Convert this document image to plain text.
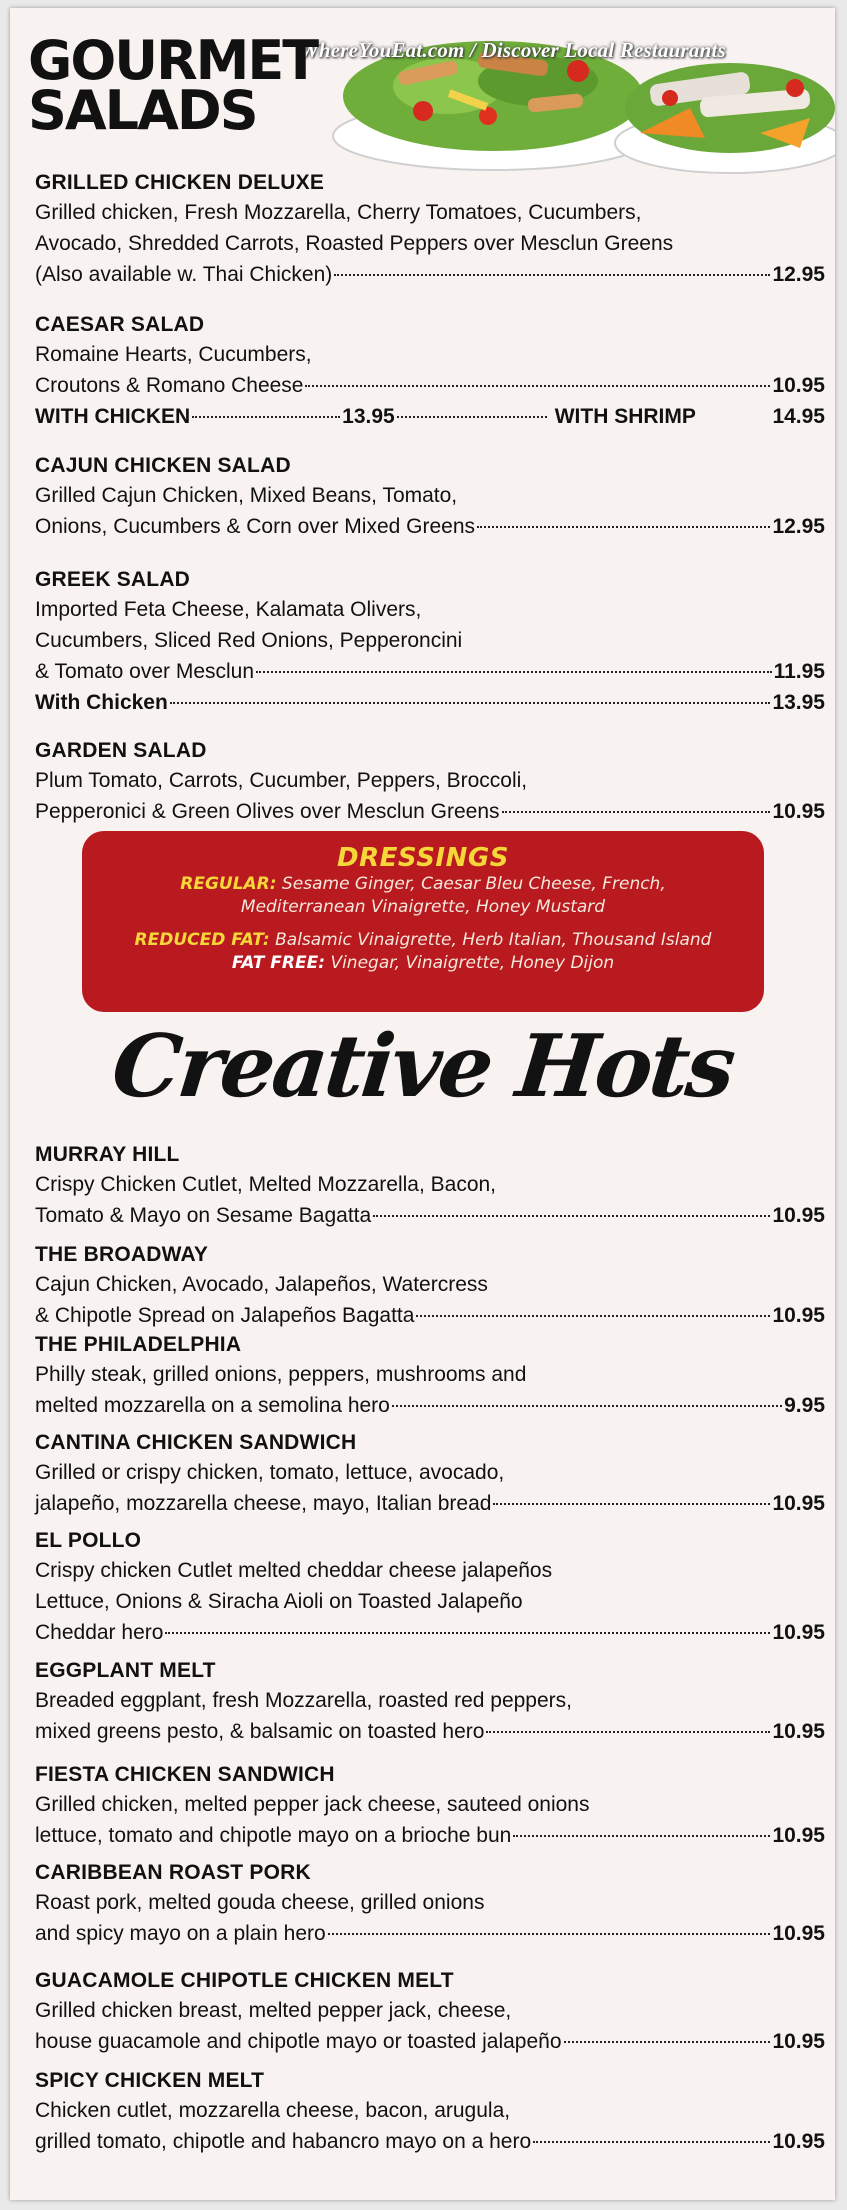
WhereYouEat.com / Discover Local Restaurants
GOURMET
SALADS
GRILLED CHICKEN DELUXE
Grilled chicken, Fresh Mozzarella, Cherry Tomatoes, Cucumbers,
Avocado, Shredded Carrots, Roasted Peppers over Mesclun Greens
(Also available w. Thai Chicken)	12.95
CAESAR SALAD
Romaine Hearts, Cucumbers,
Croutons & Romano Cheese	10.95
WITH CHICKEN	13.95	WITH SHRIMP	14.95
CAJUN CHICKEN SALAD
Grilled Cajun Chicken, Mixed Beans, Tomato,
Onions, Cucumbers & Corn over Mixed Greens	12.95
GREEK SALAD
Imported Feta Cheese, Kalamata Olivers,
Cucumbers, Sliced Red Onions, Pepperoncini
& Tomato over Mesclun	11.95
With Chicken	13.95
GARDEN SALAD
Plum Tomato, Carrots, Cucumber, Peppers, Broccoli,
Pepperonici & Green Olives over Mesclun Greens	10.95
DRESSINGS
REGULAR: Sesame Ginger, Caesar Bleu Cheese, French,
Mediterranean Vinaigrette, Honey Mustard
REDUCED FAT: Balsamic Vinaigrette, Herb Italian, Thousand Island
FAT FREE: Vinegar, Vinaigrette, Honey Dijon
Creative Hots
MURRAY HILL
Crispy Chicken Cutlet, Melted Mozzarella, Bacon,
Tomato & Mayo on Sesame Bagatta	10.95
THE BROADWAY
Cajun Chicken, Avocado, Jalapeños, Watercress
& Chipotle Spread on Jalapeños Bagatta	10.95
THE PHILADELPHIA
Philly steak, grilled onions, peppers, mushrooms and
melted mozzarella on a semolina hero	9.95
CANTINA CHICKEN SANDWICH
Grilled or crispy chicken, tomato, lettuce, avocado,
jalapeño, mozzarella cheese, mayo, Italian bread	10.95
EL POLLO
Crispy chicken Cutlet melted cheddar cheese jalapeños
Lettuce, Onions & Siracha Aioli on Toasted Jalapeño
Cheddar hero	10.95
EGGPLANT MELT
Breaded eggplant, fresh Mozzarella, roasted red peppers,
mixed greens pesto, & balsamic on toasted hero	10.95
FIESTA CHICKEN SANDWICH
Grilled chicken, melted pepper jack cheese, sauteed onions
lettuce, tomato and chipotle mayo on a brioche bun	10.95
CARIBBEAN ROAST PORK
Roast pork, melted gouda cheese, grilled onions
and spicy mayo on a plain hero	10.95
GUACAMOLE CHIPOTLE CHICKEN MELT
Grilled chicken breast, melted pepper jack, cheese,
house guacamole and chipotle mayo or toasted jalapeño	10.95
SPICY CHICKEN MELT
Chicken cutlet, mozzarella cheese, bacon, arugula,
grilled tomato, chipotle and habancro mayo on a hero	10.95
